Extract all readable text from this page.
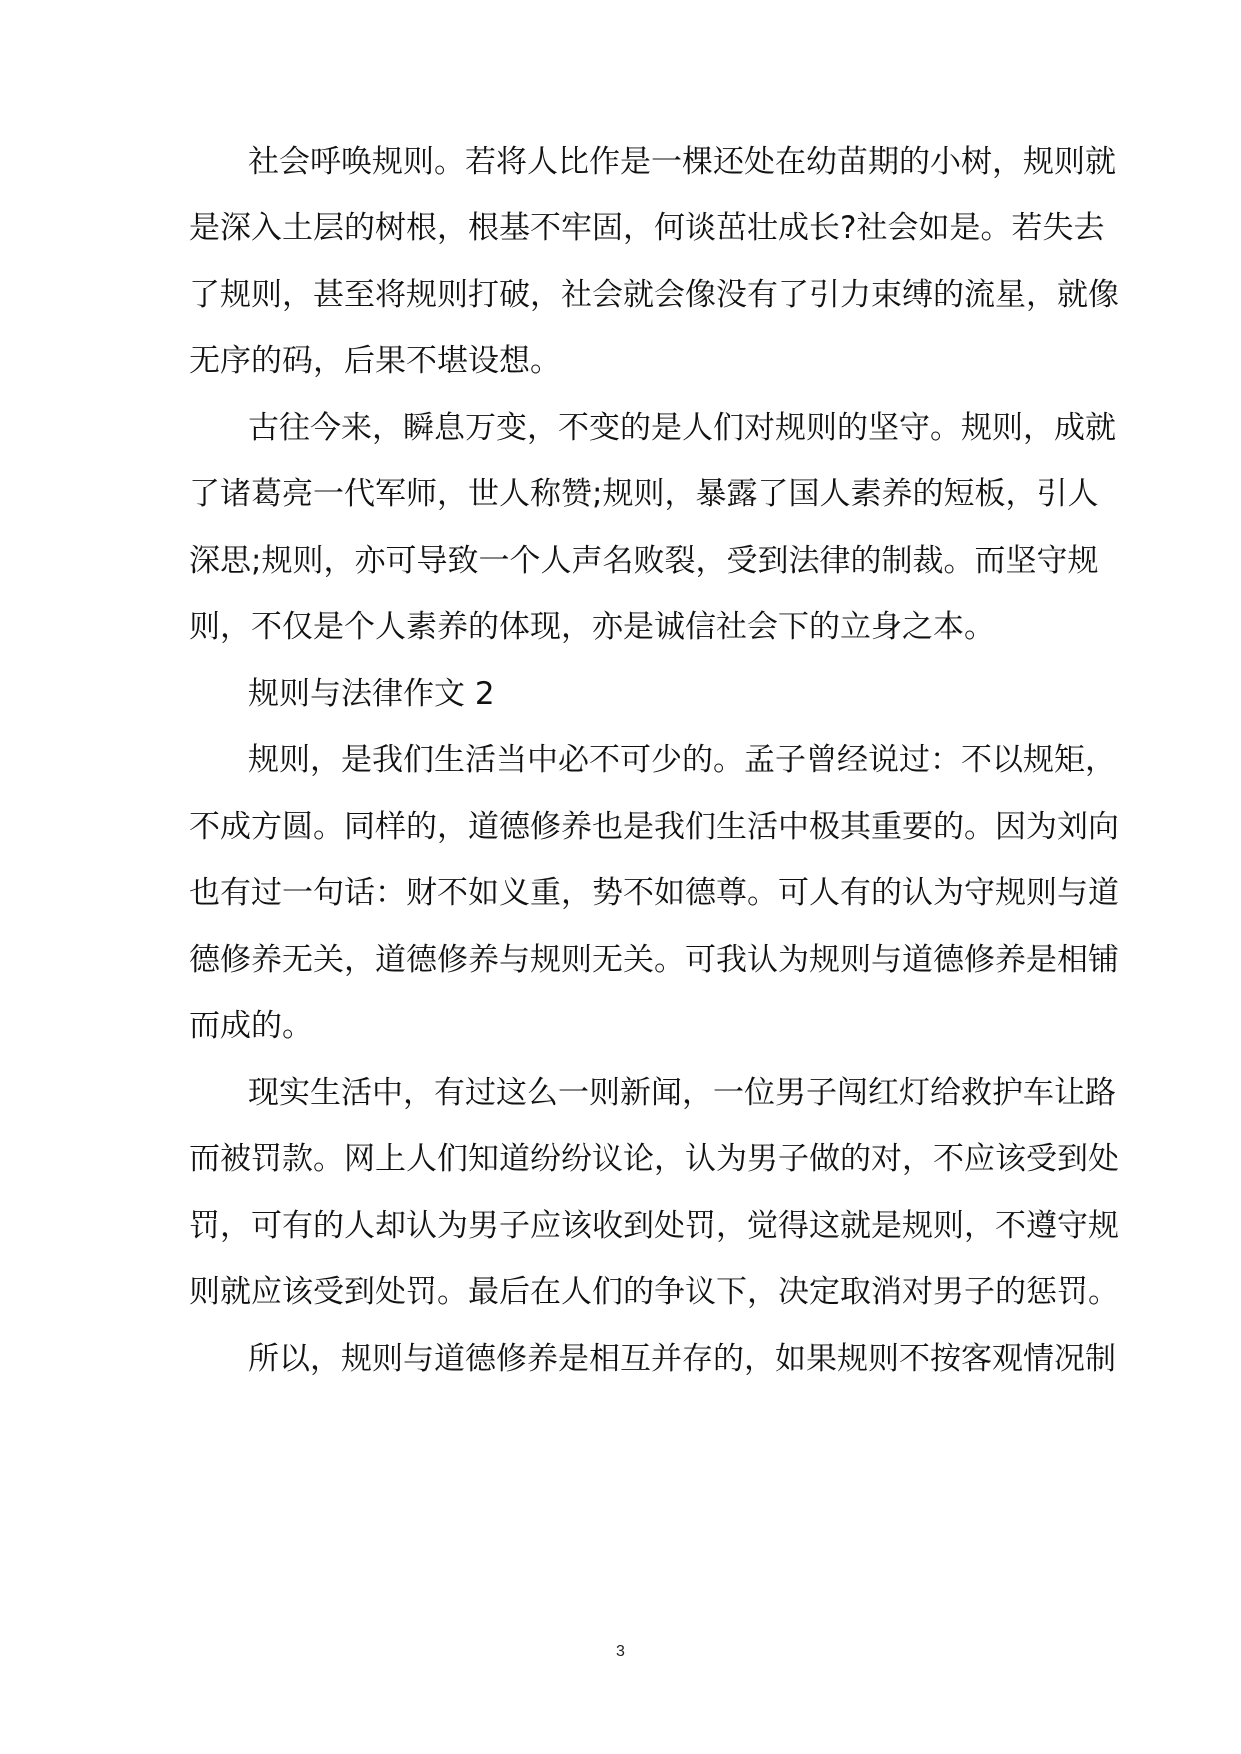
社会呼唤规则。若将人比作是一棵还处在幼苗期的小树，规则就
是深入土层的树根，根基不牢固，何谈茁壮成长?社会如是。若失去
了规则，甚至将规则打破，社会就会像没有了引力束缚的流星，就像
无序的码，后果不堪设想。
古往今来，瞬息万变，不变的是人们对规则的坚守。规则，成就
了诸葛亮一代军师，世人称赞;规则，暴露了国人素养的短板，引人
深思;规则，亦可导致一个人声名败裂，受到法律的制裁。而坚守规
则，不仅是个人素养的体现，亦是诚信社会下的立身之本。
规则与法律作文 2
规则，是我们生活当中必不可少的。孟子曾经说过：不以规矩，
不成方圆。同样的，道德修养也是我们生活中极其重要的。因为刘向
也有过一句话：财不如义重，势不如德尊。可人有的认为守规则与道
德修养无关，道德修养与规则无关。可我认为规则与道德修养是相铺
而成的。
现实生活中，有过这么一则新闻，一位男子闯红灯给救护车让路
而被罚款。网上人们知道纷纷议论，认为男子做的对，不应该受到处
罚，可有的人却认为男子应该收到处罚，觉得这就是规则，不遵守规
则就应该受到处罚。最后在人们的争议下，决定取消对男子的惩罚。
所以，规则与道德修养是相互并存的，如果规则不按客观情况制
3
